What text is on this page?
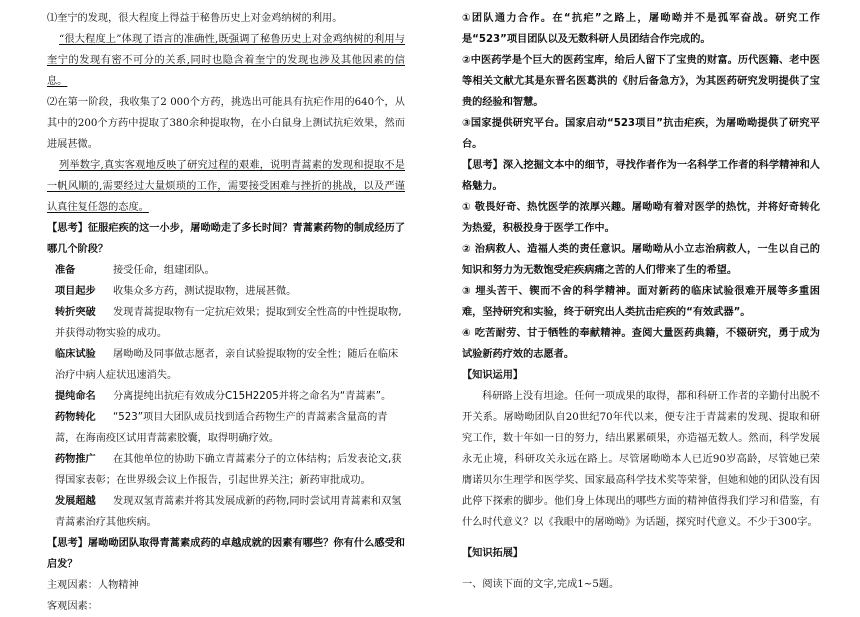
⑴奎宁的发现，很大程度上得益于秘鲁历史上对金鸡纳树的利用。

“很大程度上”体现了语言的准确性,既强调了秘鲁历史上对金鸡纳树的利用与奎宁的发现有密不可分的关系,同时也隐含着奎宁的发现也涉及其他因素的信息。

⑵在第一阶段，我收集了2 000个方药，挑选出可能具有抗疟作用的640个，从其中的200个方药中提取了380余种提取物，在小白鼠身上测试抗疟效果，然而进展甚微。

列举数字,真实客观地反映了研究过程的艰难，说明青蒿素的发现和提取不是一帆风顺的,需要经过大量烦琐的工作，需要接受困难与挫折的挑战，以及严谨认真往复任怨的态度。

【思考】征服疟疾的这一小步，屠呦呦走了多长时间？青蒿素药物的制成经历了哪几个阶段？

准备	接受任命，组建团队。

项目起步 收集众多方药，测试提取物，进展甚微。

转折突破 发现青蒿提取物有一定抗疟效果；提取到安全性高的中性提取物,并获得动物实验的成功。

临床试验 屠呦呦及同事做志愿者，亲自试验提取物的安全性；随后在临床治疗中病人症状迅速消失。

提纯命名 分离提纯出抗疟有效成分C15H2205并将之命名为“青蒿素”。

药物转化 “523”项目大团队成员找到适合药物生产的青蒿素含量高的青蒿，在海南疫区试用青蒿素胶囊，取得明确疗效。

药物推广 在其他单位的协助下确立青蒿素分子的立体结构；后发表论文,获得国家表彰；在世界级会议上作报告，引起世界关注；新药审批成功。

发展超越 发现双氢青蒿素并将其发展成新的药物,同时尝试用青蒿素和双氢青蒿素治疗其他疾病。

【思考】屠呦呦团队取得青蒿素成药的卓越成就的因素有哪些？你有什么感受和启发？

主观因素：人物精神

客观因素：

①团队通力合作。在“抗疟”之路上，屠呦呦并不是孤军奋战。研究工作是“523”项目团队以及无数科研人员团结合作完成的。

②中医药学是个巨大的医药宝库，给后人留下了宝贵的财富。历代医籍、老中医等相关文献尤其是东晋名医葛洪的《肘后备急方》，为其医药研究发明提供了宝贵的经验和智慧。

③国家提供研究平台。国家启动“523项目”抗击疟疾，为屠呦呦提供了研究平台。

【思考】深入挖掘文本中的细节，寻找作者作为一名科学工作者的科学精神和人格魅力。

① 敬畏好奇、热忱医学的浓厚兴趣。屠呦呦有着对医学的热忱，并将好奇转化为热爱，积极投身于医学工作中。

② 治病救人、造福人类的责任意识。屠呦呦从小立志治病救人，一生以自己的知识和努力为无数饱受疟疾病痛之苦的人们带来了生的希望。

③ 埋头苦干、锲而不舍的科学精神。面对新药的临床试验很难开展等多重困难，坚持研究和实验，终于研究出人类抗击疟疾的“有效武器”。

④ 吃苦耐劳、甘于牺牲的奉献精神。查阅大量医药典籍，不辍研究，勇于成为试验新药疗效的志愿者。

【知识运用】

科研路上没有坦途。任何一项成果的取得，都和科研工作者的辛勤付出脱不开关系。屠呦呦团队自20世纪70年代以来，便专注于青蒿素的发现、提取和研究工作，数十年如一日的努力，结出累累硕果，亦造福无数人。然而，科学发展永无止境，科研攻关永远在路上。尽管屠呦呦本人已近90岁高龄，尽管她已荣膺诺贝尔生理学和医学奖、国家最高科学技术奖等荣誉，但她和她的团队没有因此停下探索的脚步。他们身上体现出的哪些方面的精神值得我们学习和借鉴，有什么时代意义？以《我眼中的屠呦呦》为话题，探究时代意义。不少于300字。

【知识拓展】

一、阅读下面的文字,完成1~5题。
